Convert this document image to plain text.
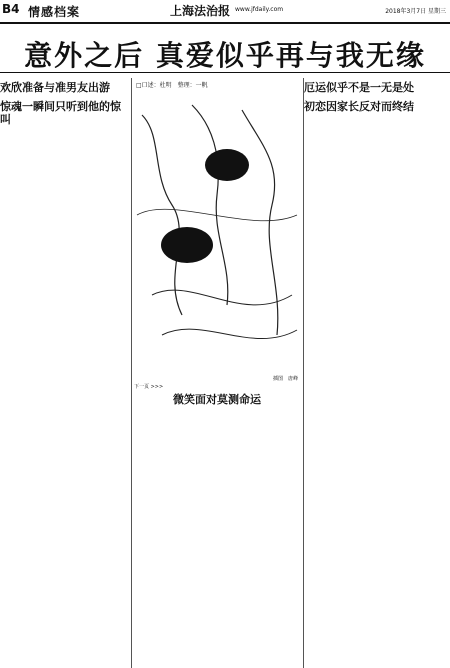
B4 情感档案	上海法治报 www.jfdaily.com	2018年3月7日 星期三
意外之后 真爱似乎再与我无缘
欢欣准备与准男友出游
惊魂一瞬间只听到他的惊叫
□口述：杜明　整理：一帆
插图　唐峰
下一页 >>>
微笑面对莫测命运
厄运似乎不是一无是处
初恋因家长反对而终结
